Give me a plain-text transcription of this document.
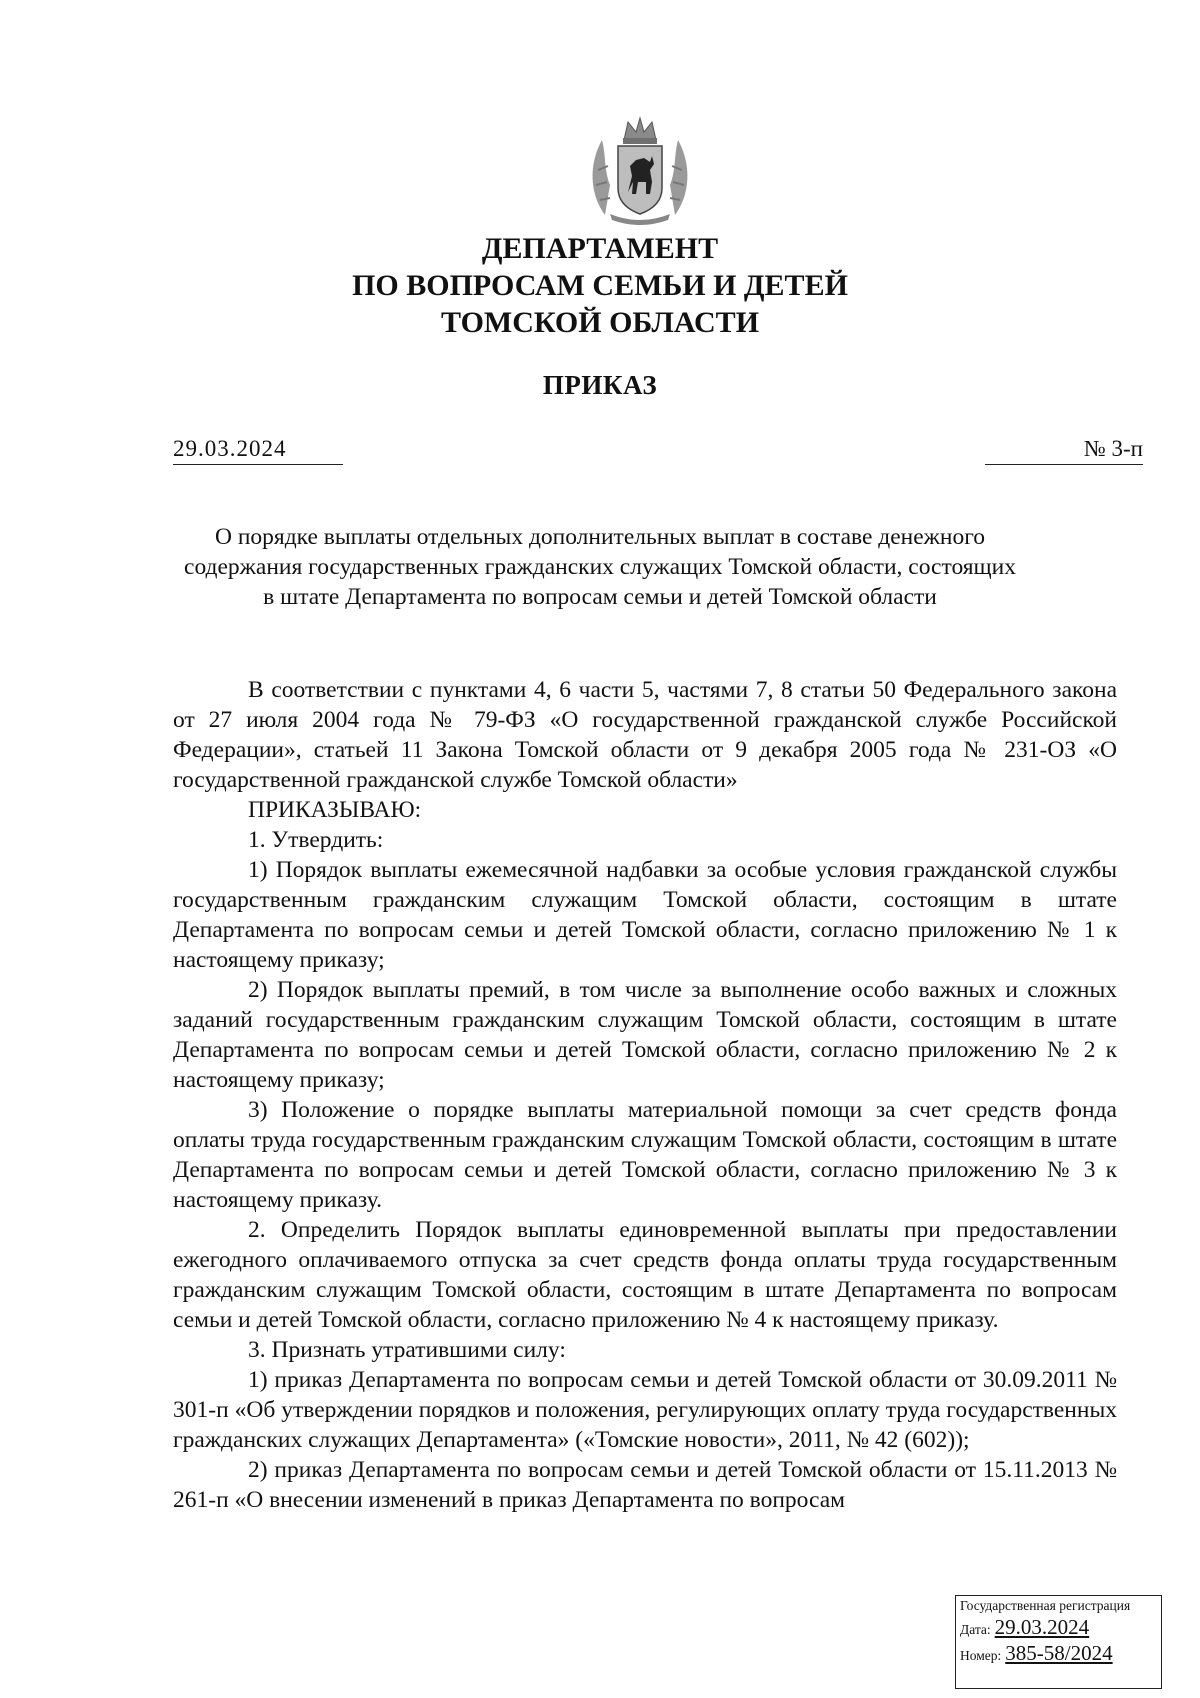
ДЕПАРТАМЕНТ
ПО ВОПРОСАМ СЕМЬИ И ДЕТЕЙ
ТОМСКОЙ ОБЛАСТИ
ПРИКАЗ
29.03.2024	№ 3-п
О порядке выплаты отдельных дополнительных выплат в составе денежного
содержания государственных гражданских служащих Томской области, состоящих
в штате Департамента по вопросам семьи и детей Томской области

В соответствии с пунктами 4, 6 части 5, частями 7, 8 статьи 50 Федерального закона от 27 июля 2004 года № 79-ФЗ «О государственной гражданской службе Российской Федерации», статьей 11 Закона Томской области от 9 декабря 2005 года № 231-ОЗ «О государственной гражданской службе Томской области»

ПРИКАЗЫВАЮ:

1. Утвердить:

1) Порядок выплаты ежемесячной надбавки за особые условия гражданской службы государственным гражданским служащим Томской области, состоящим в штате Департамента по вопросам семьи и детей Томской области, согласно приложению № 1 к настоящему приказу;

2) Порядок выплаты премий, в том числе за выполнение особо важных и сложных заданий государственным гражданским служащим Томской области, состоящим в штате Департамента по вопросам семьи и детей Томской области, согласно приложению № 2 к настоящему приказу;

3) Положение о порядке выплаты материальной помощи за счет средств фонда оплаты труда государственным гражданским служащим Томской области, состоящим в штате Департамента по вопросам семьи и детей Томской области, согласно приложению № 3 к настоящему приказу.

2. Определить Порядок выплаты единовременной выплаты при предоставлении ежегодного оплачиваемого отпуска за счет средств фонда оплаты труда государственным гражданским служащим Томской области, состоящим в штате Департамента по вопросам семьи и детей Томской области, согласно приложению № 4 к настоящему приказу.

3. Признать утратившими силу:

1) приказ Департамента по вопросам семьи и детей Томской области от 30.09.2011 № 301-п «Об утверждении порядков и положения, регулирующих оплату труда государственных гражданских служащих Департамента» («Томские новости», 2011, № 42 (602));

2) приказ Департамента по вопросам семьи и детей Томской области от 15.11.2013 № 261-п «О внесении изменений в приказ Департамента по вопросам

Государственная регистрация
Дата: 29.03.2024
Номер: 385-58/2024
